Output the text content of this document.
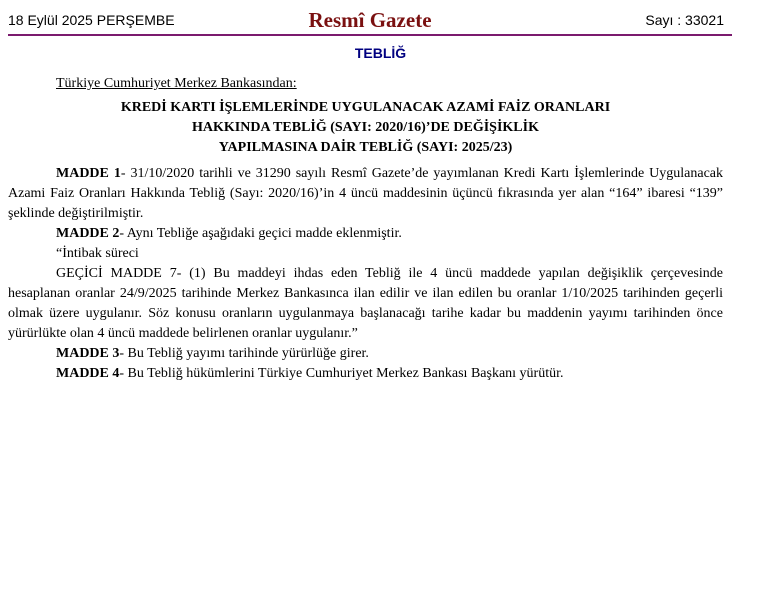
18 Eylül 2025 PERŞEMBE	Resmî Gazete	Sayı : 33021
TEBLİĞ
Türkiye Cumhuriyet Merkez Bankasından:
KREDİ KARTI İŞLEMLERİNDE UYGULANACAK AZAMİ FAİZ ORANLARI
HAKKINDA TEBLİĞ (SAYI: 2020/16)’DE DEĞİŞİKLİK
YAPILMASINA DAİR TEBLİĞ (SAYI: 2025/23)

MADDE 1- 31/10/2020 tarihli ve 31290 sayılı Resmî Gazete’de yayımlanan Kredi Kartı İşlemlerinde Uygulanacak Azami Faiz Oranları Hakkında Tebliğ (Sayı: 2020/16)’in 4 üncü maddesinin üçüncü fıkrasında yer alan “164” ibaresi “139” şeklinde değiştirilmiştir.

MADDE 2- Aynı Tebliğe aşağıdaki geçici madde eklenmiştir.

“İntibak süreci

GEÇİCİ MADDE 7- (1) Bu maddeyi ihdas eden Tebliğ ile 4 üncü maddede yapılan değişiklik çerçevesinde hesaplanan oranlar 24/9/2025 tarihinde Merkez Bankasınca ilan edilir ve ilan edilen bu oranlar 1/10/2025 tarihinden geçerli olmak üzere uygulanır. Söz konusu oranların uygulanmaya başlanacağı tarihe kadar bu maddenin yayımı tarihinden önce yürürlükte olan 4 üncü maddede belirlenen oranlar uygulanır.”

MADDE 3- Bu Tebliğ yayımı tarihinde yürürlüğe girer.

MADDE 4- Bu Tebliğ hükümlerini Türkiye Cumhuriyet Merkez Bankası Başkanı yürütür.
